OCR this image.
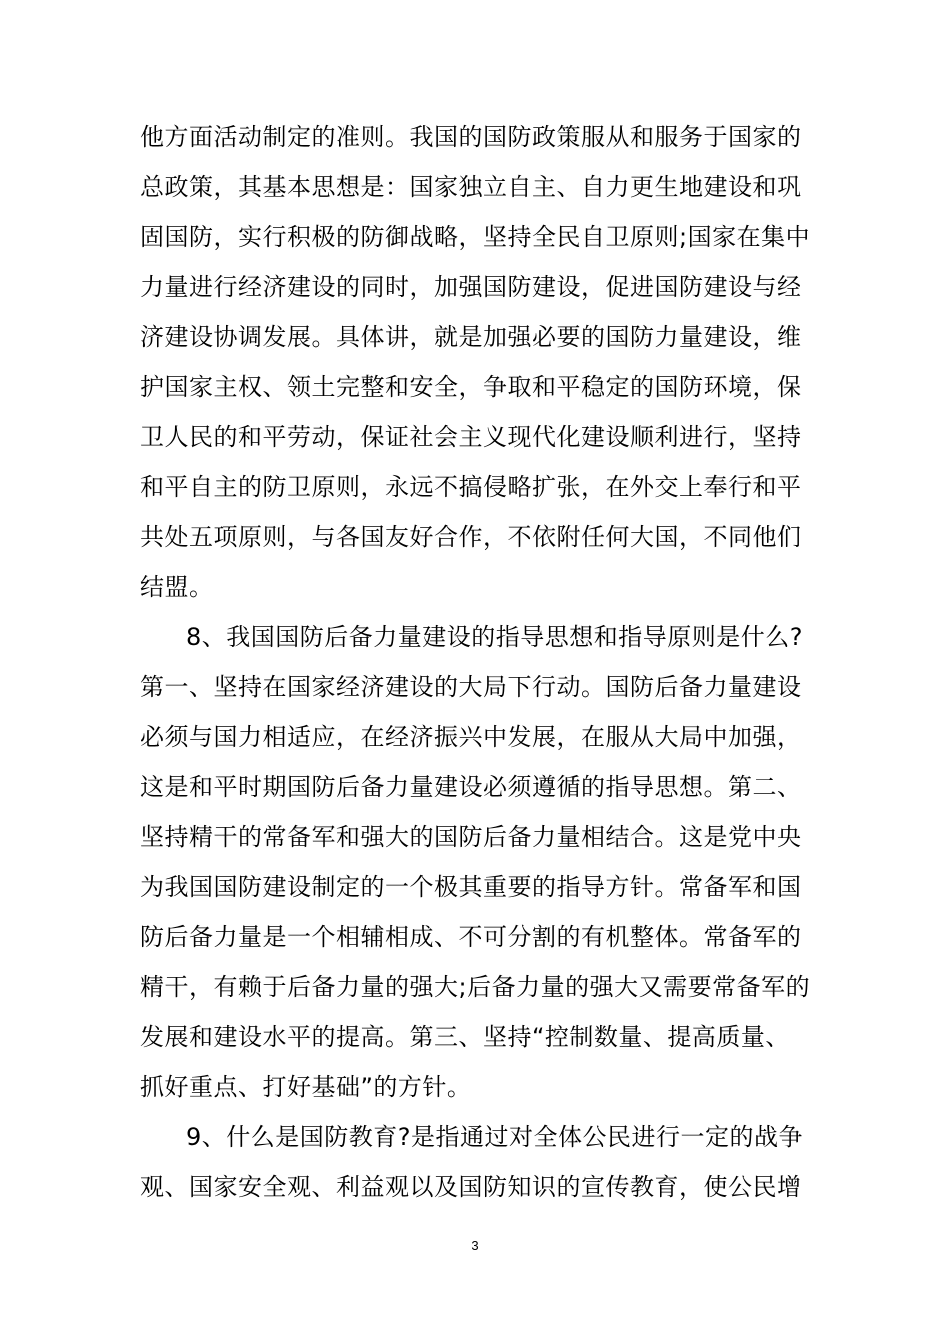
他方面活动制定的准则。我国的国防政策服从和服务于国家的
总政策，其基本思想是：国家独立自主、自力更生地建设和巩
固国防，实行积极的防御战略，坚持全民自卫原则;国家在集中
力量进行经济建设的同时，加强国防建设，促进国防建设与经
济建设协调发展。具体讲，就是加强必要的国防力量建设，维
护国家主权、领土完整和安全，争取和平稳定的国防环境，保
卫人民的和平劳动，保证社会主义现代化建设顺利进行，坚持
和平自主的防卫原则，永远不搞侵略扩张，在外交上奉行和平
共处五项原则，与各国友好合作，不依附任何大国，不同他们
结盟。
8、我国国防后备力量建设的指导思想和指导原则是什么?
第一、坚持在国家经济建设的大局下行动。国防后备力量建设
必须与国力相适应，在经济振兴中发展，在服从大局中加强，
这是和平时期国防后备力量建设必须遵循的指导思想。第二、
坚持精干的常备军和强大的国防后备力量相结合。这是党中央
为我国国防建设制定的一个极其重要的指导方针。常备军和国
防后备力量是一个相辅相成、不可分割的有机整体。常备军的
精干，有赖于后备力量的强大;后备力量的强大又需要常备军的
发展和建设水平的提高。第三、坚持“控制数量、提高质量、
抓好重点、打好基础”的方针。
9、什么是国防教育?是指通过对全体公民进行一定的战争
观、国家安全观、利益观以及国防知识的宣传教育，使公民增
3
